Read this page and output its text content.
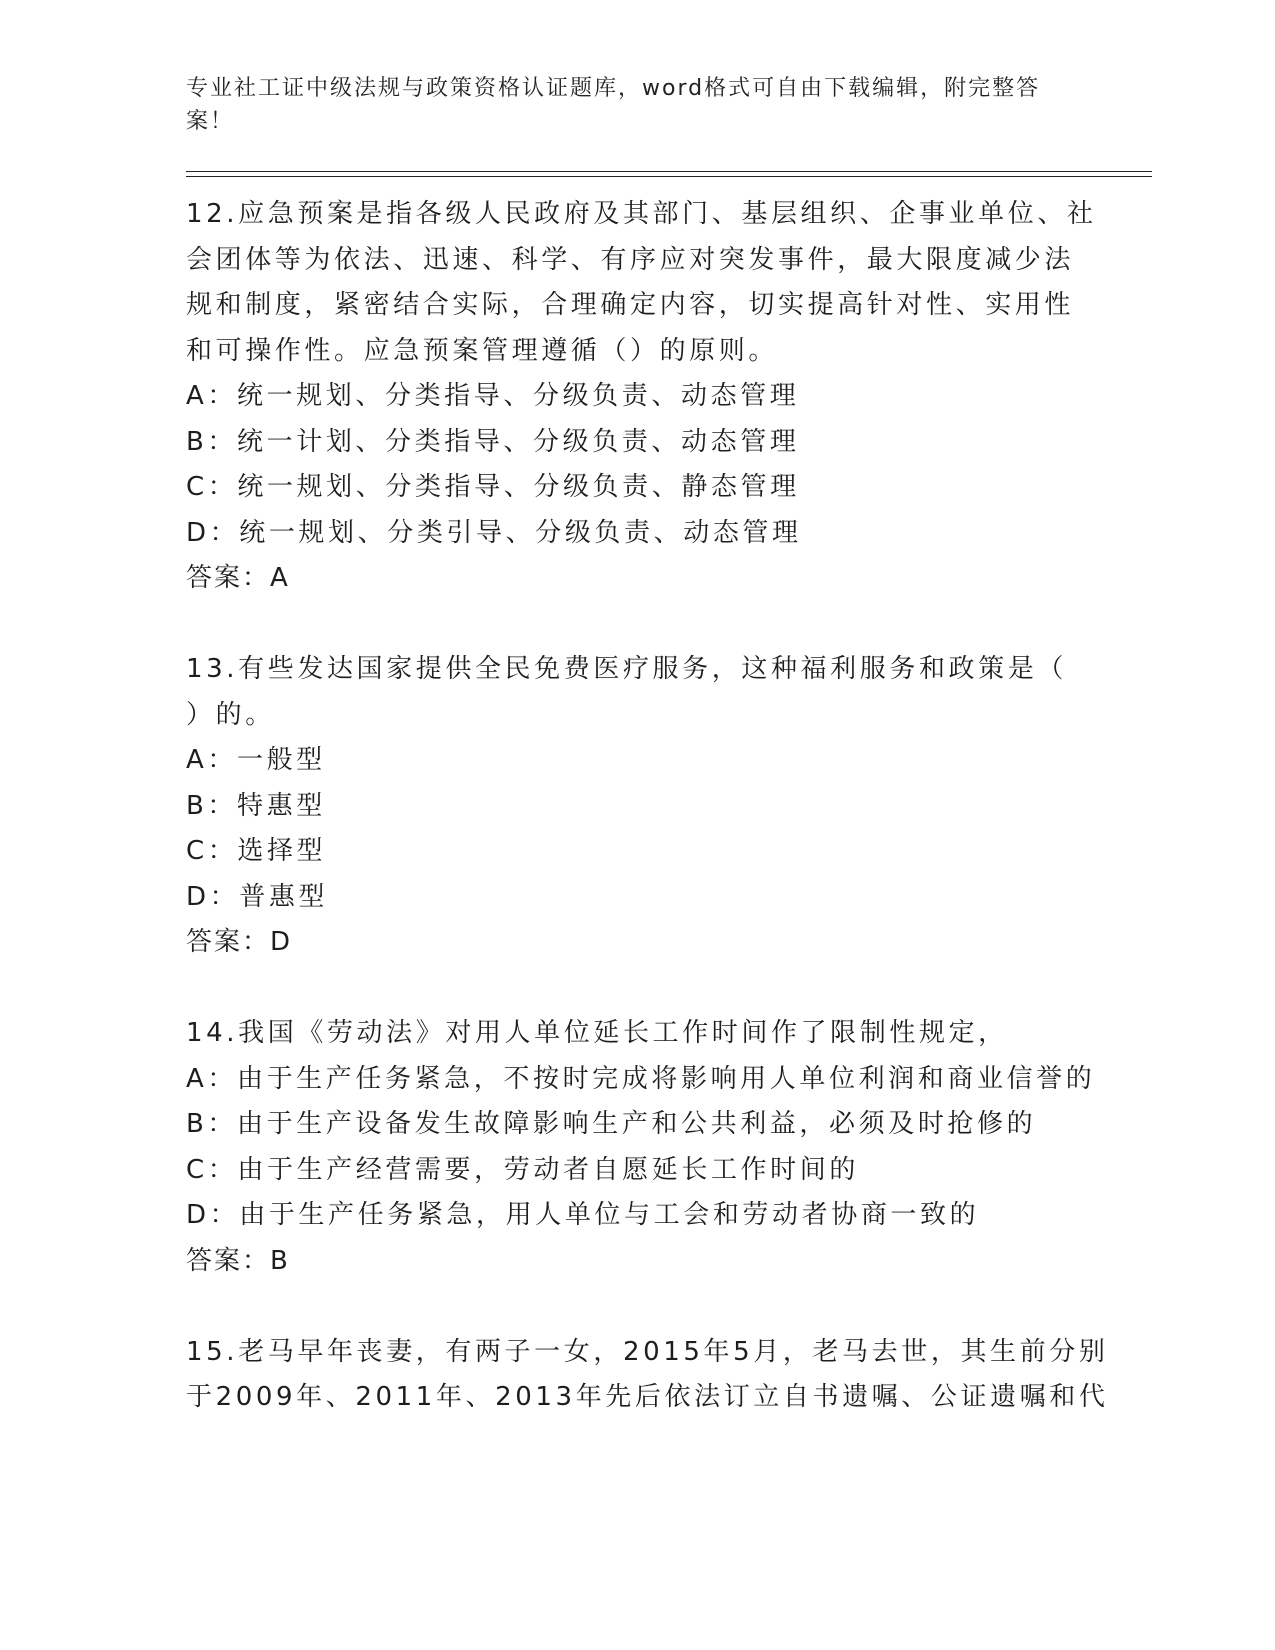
专业社工证中级法规与政策资格认证题库，word格式可自由下载编辑，附完整答
案！
12.应急预案是指各级人民政府及其部门、基层组织、企事业单位、社
会团体等为依法、迅速、科学、有序应对突发事件，最大限度减少法
规和制度，紧密结合实际，合理确定内容，切实提高针对性、实用性
和可操作性。应急预案管理遵循（）的原则。
A：统一规划、分类指导、分级负责、动态管理
B：统一计划、分类指导、分级负责、动态管理
C：统一规划、分类指导、分级负责、静态管理
D：统一规划、分类引导、分级负责、动态管理
答案：A
13.有些发达国家提供全民免费医疗服务，这种福利服务和政策是（
）的。
A：一般型
B：特惠型
C：选择型
D：普惠型
答案：D
14.我国《劳动法》对用人单位延长工作时间作了限制性规定，
A：由于生产任务紧急，不按时完成将影响用人单位利润和商业信誉的
B：由于生产设备发生故障影响生产和公共利益，必须及时抢修的
C：由于生产经营需要，劳动者自愿延长工作时间的
D：由于生产任务紧急，用人单位与工会和劳动者协商一致的
答案：B
15.老马早年丧妻，有两子一女，2015年5月，老马去世，其生前分别
于2009年、2011年、2013年先后依法订立自书遗嘱、公证遗嘱和代
